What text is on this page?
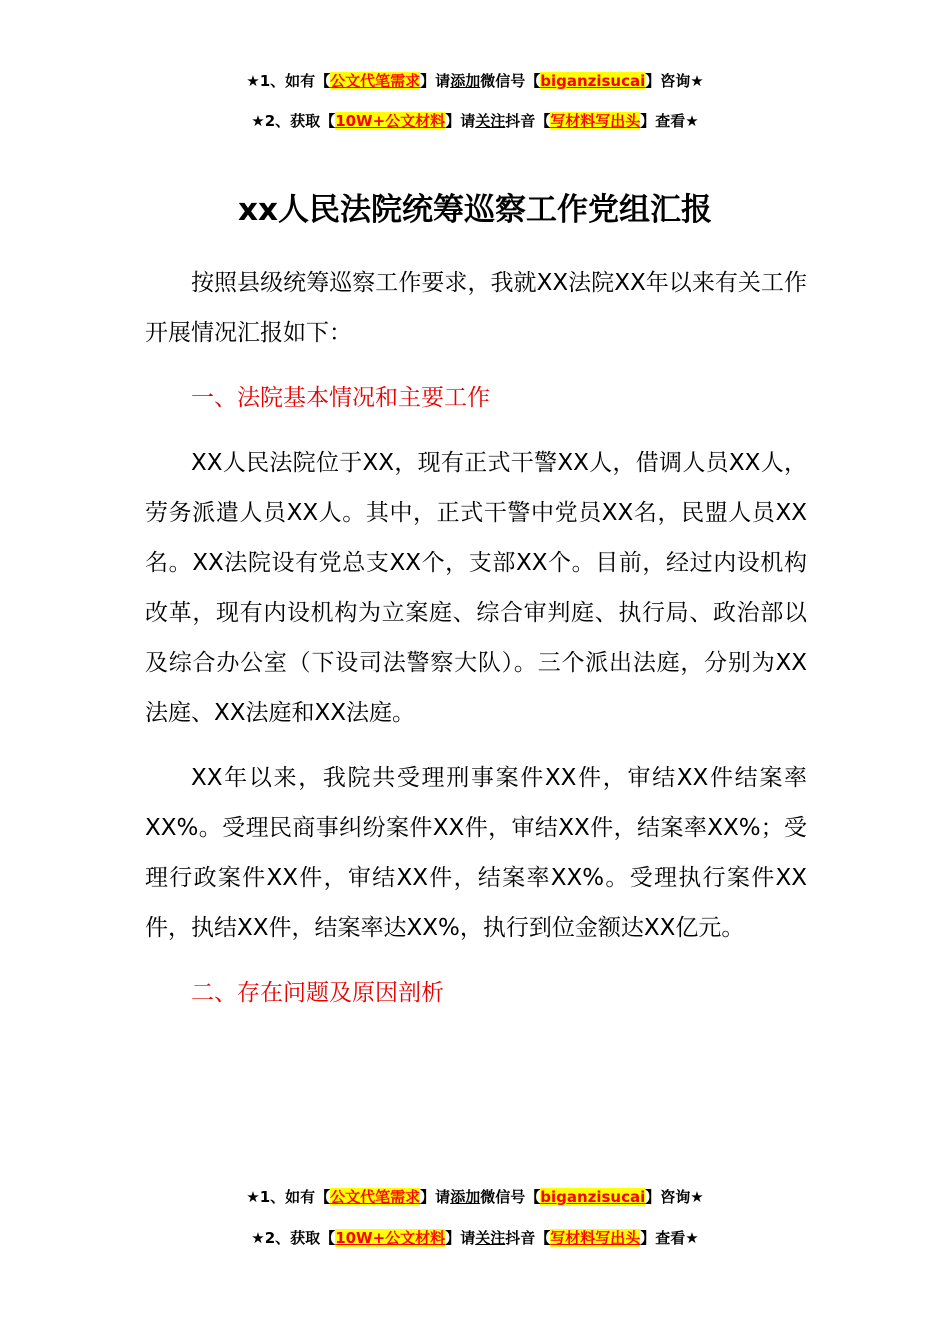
★1、如有【公文代笔需求】请添加微信号【biganzisucai】咨询★
★2、获取【10W+公文材料】请关注抖音【写材料写出头】查看★
xx人民法院统筹巡察工作党组汇报

按照县级统筹巡察工作要求，我就XX法院XX年以来有关工作开展情况汇报如下：

一、法院基本情况和主要工作

XX人民法院位于XX，现有正式干警XX人，借调人员XX人，劳务派遣人员XX人。其中，正式干警中党员XX名，民盟人员XX名。XX法院设有党总支XX个，支部XX个。目前，经过内设机构改革，现有内设机构为立案庭、综合审判庭、执行局、政治部以及综合办公室（下设司法警察大队）。三个派出法庭，分别为XX法庭、XX法庭和XX法庭。

XX年以来，我院共受理刑事案件XX件，审结XX件结案率XX%。受理民商事纠纷案件XX件，审结XX件，结案率XX%；受理行政案件XX件，审结XX件，结案率XX%。受理执行案件XX件，执结XX件，结案率达XX%，执行到位金额达XX亿元。

二、存在问题及原因剖析
★1、如有【公文代笔需求】请添加微信号【biganzisucai】咨询★
★2、获取【10W+公文材料】请关注抖音【写材料写出头】查看★
